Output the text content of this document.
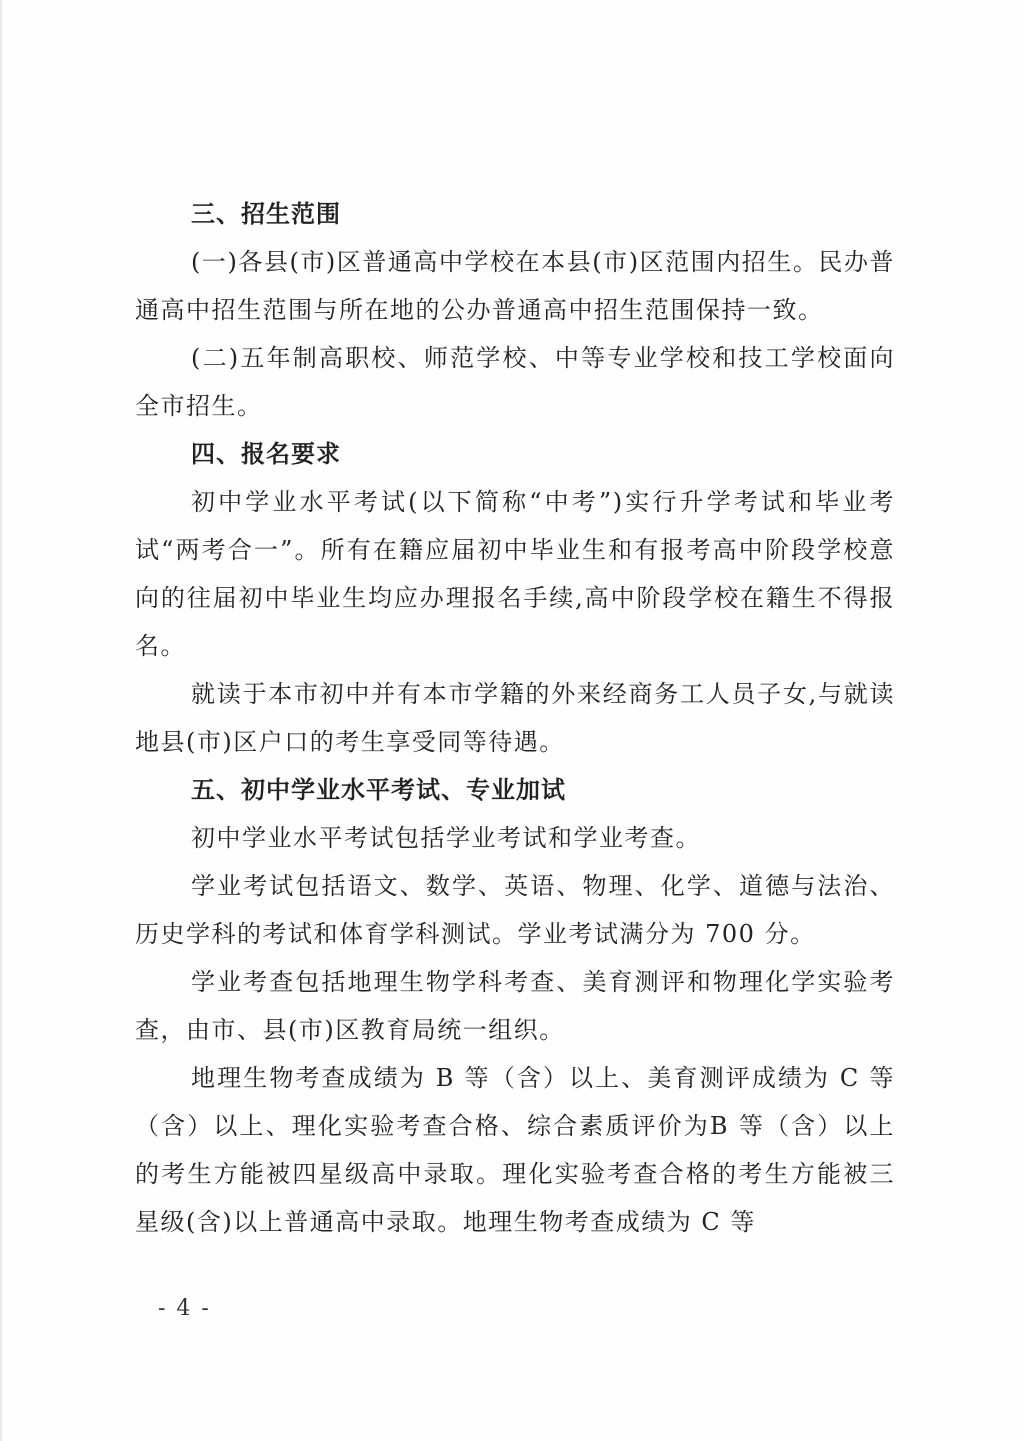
三、招生范围

(一)各县(市)区普通高中学校在本县(市)区范围内招生。民办普通高中招生范围与所在地的公办普通高中招生范围保持一致。

(二)五年制高职校、师范学校、中等专业学校和技工学校面向全市招生。

四、报名要求

初中学业水平考试(以下简称“中考”)实行升学考试和毕业考试“两考合一”。所有在籍应届初中毕业生和有报考高中阶段学校意向的往届初中毕业生均应办理报名手续,高中阶段学校在籍生不得报名。

就读于本市初中并有本市学籍的外来经商务工人员子女,与就读地县(市)区户口的考生享受同等待遇。

五、初中学业水平考试、专业加试

初中学业水平考试包括学业考试和学业考查。

学业考试包括语文、数学、英语、物理、化学、道德与法治、历史学科的考试和体育学科测试。学业考试满分为 700 分。

学业考查包括地理生物学科考查、美育测评和物理化学实验考查，由市、县(市)区教育局统一组织。

地理生物考查成绩为 B 等（含）以上、美育测评成绩为 C 等（含）以上、理化实验考查合格、综合素质评价为B 等（含）以上的考生方能被四星级高中录取。理化实验考查合格的考生方能被三星级(含)以上普通高中录取。地理生物考查成绩为 C 等

- 4 -
